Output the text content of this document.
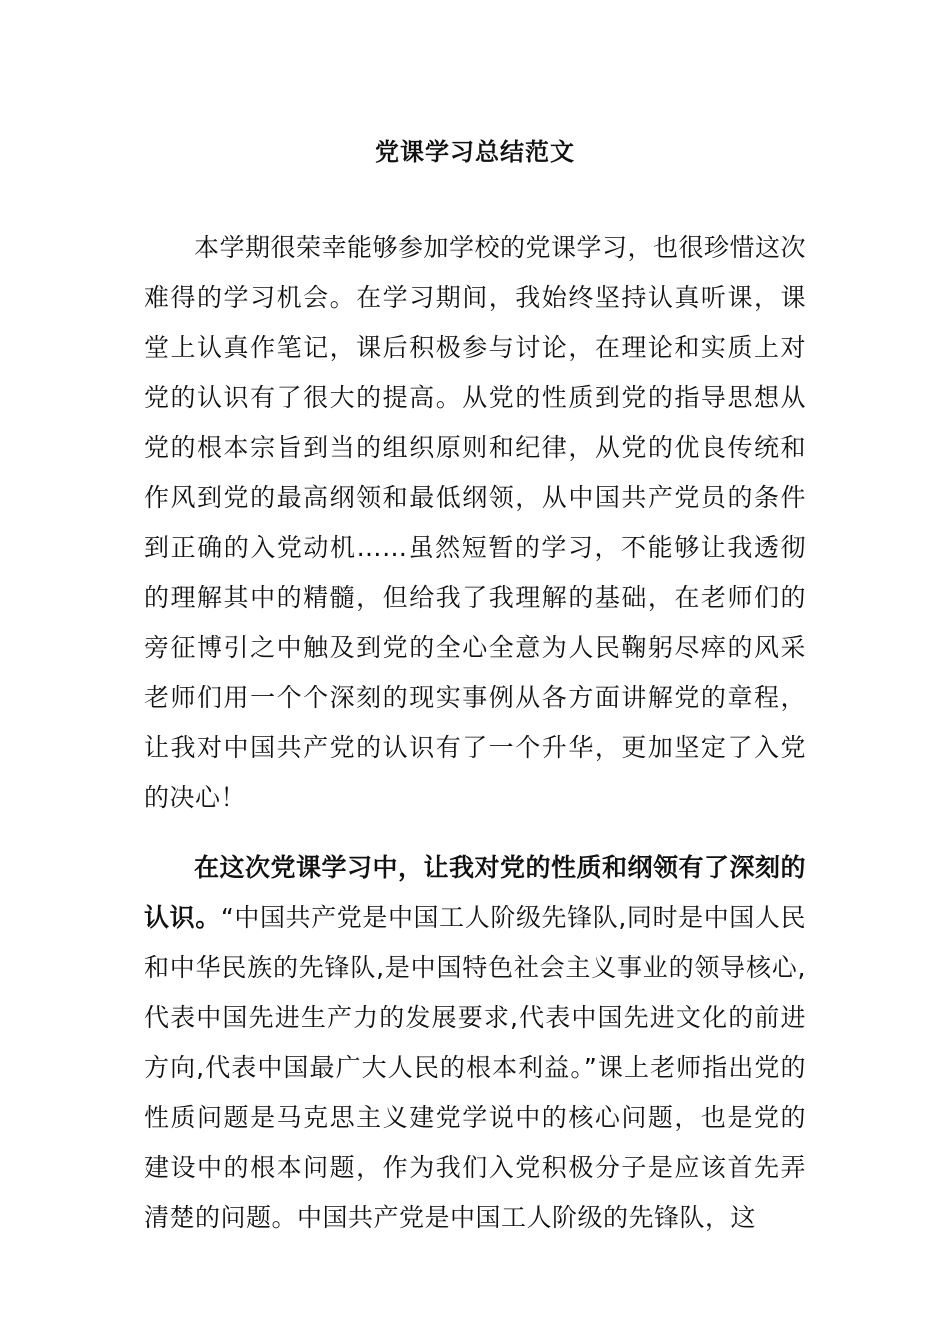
党课学习总结范文

本学期很荣幸能够参加学校的党课学习，也很珍惜这次难得的学习机会。在学习期间，我始终坚持认真听课，课堂上认真作笔记，课后积极参与讨论，在理论和实质上对党的认识有了很大的提高。从党的性质到党的指导思想从党的根本宗旨到当的组织原则和纪律，从党的优良传统和作风到党的最高纲领和最低纲领，从中国共产党员的条件到正确的入党动机……虽然短暂的学习，不能够让我透彻的理解其中的精髓，但给我了我理解的基础，在老师们的旁征博引之中触及到党的全心全意为人民鞠躬尽瘁的风采老师们用一个个深刻的现实事例从各方面讲解党的章程，让我对中国共产党的认识有了一个升华，更加坚定了入党的决心！

在这次党课学习中，让我对党的性质和纲领有了深刻的认识。“中国共产党是中国工人阶级先锋队,同时是中国人民和中华民族的先锋队,是中国特色社会主义事业的领导核心,代表中国先进生产力的发展要求,代表中国先进文化的前进方向,代表中国最广大人民的根本利益。”课上老师指出党的性质问题是马克思主义建党学说中的核心问题，也是党的建设中的根本问题，作为我们入党积极分子是应该首先弄清楚的问题。中国共产党是中国工人阶级的先锋队，这
